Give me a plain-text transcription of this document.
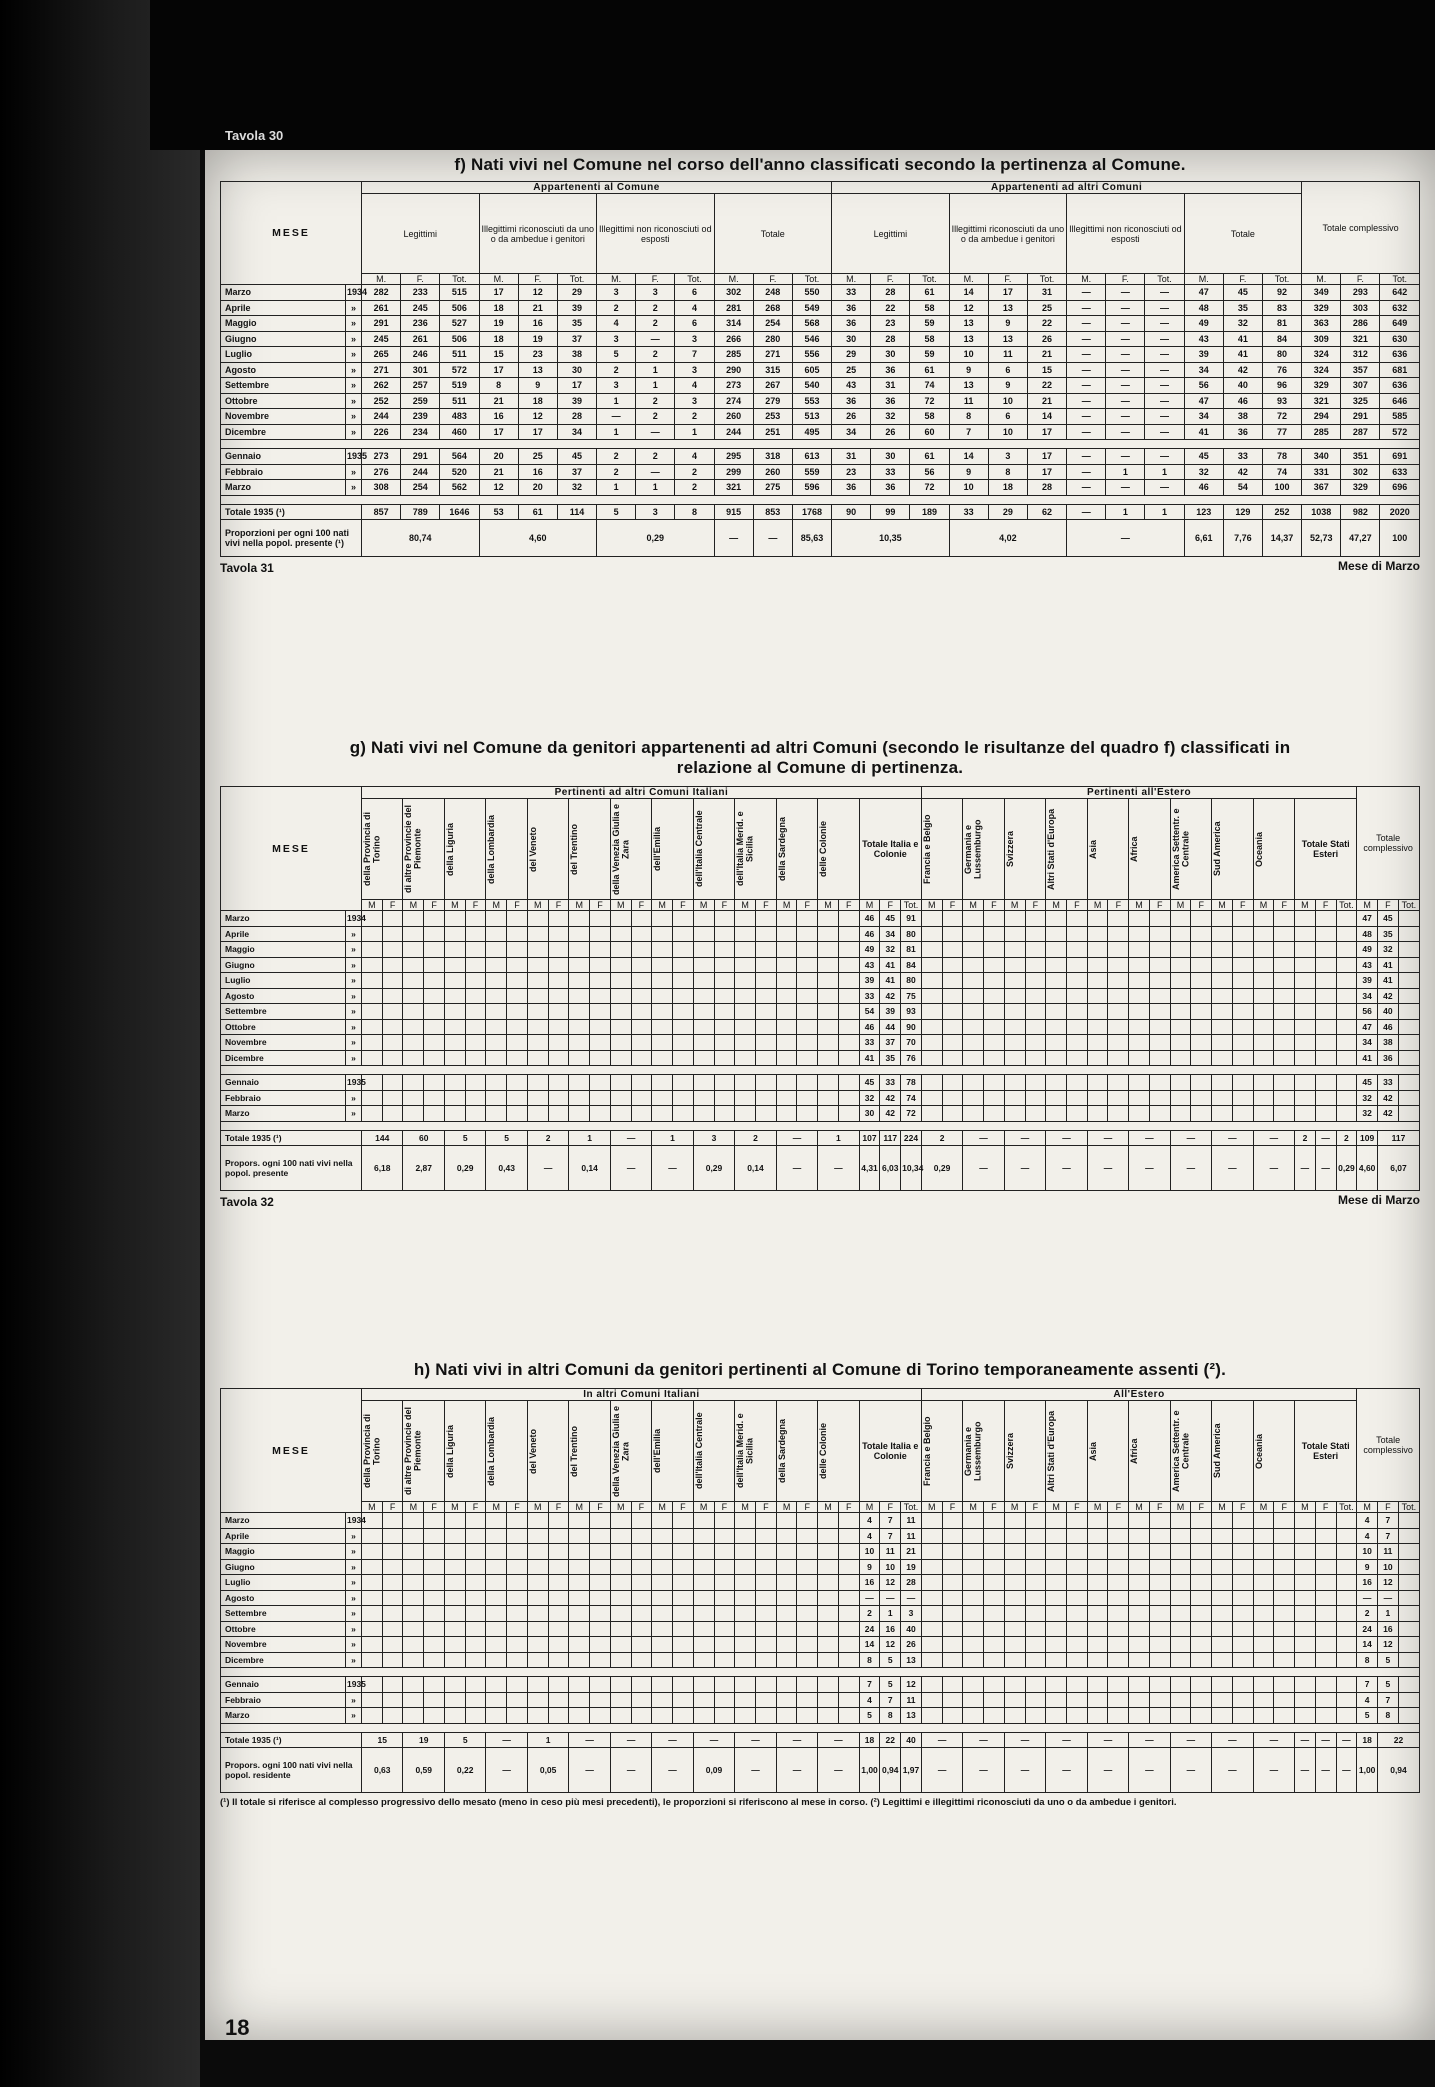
Tavola 30
f) Nati vivi nel Comune nel corso dell'anno classificati secondo la pertinenza al Comune.
MESE		Appartenenti al Comune												Appartenenti ad altri Comuni												Totale complessivo		
		Legittimi			Illegittimi riconosciuti da uno o da ambedue i genitori			Illegittimi non riconosciuti od esposti			Totale			Legittimi			Illegittimi riconosciuti da uno o da ambedue i genitori			Illegittimi non riconosciuti od esposti			Totale					
		M.	F.	Tot.	M.	F.	Tot.	M.	F.	Tot.	M.	F.	Tot.	M.	F.	Tot.	M.	F.	Tot.	M.	F.	Tot.	M.	F.	Tot.	M.	F.	Tot.
Marzo	1934	282	233	515	17	12	29	3	3	6	302	248	550	33	28	61	14	17	31	—	—	—	47	45	92	349	293	642
Aprile	»	261	245	506	18	21	39	2	2	4	281	268	549	36	22	58	12	13	25	—	—	—	48	35	83	329	303	632
Maggio	»	291	236	527	19	16	35	4	2	6	314	254	568	36	23	59	13	9	22	—	—	—	49	32	81	363	286	649
Giugno	»	245	261	506	18	19	37	3	—	3	266	280	546	30	28	58	13	13	26	—	—	—	43	41	84	309	321	630
Luglio	»	265	246	511	15	23	38	5	2	7	285	271	556	29	30	59	10	11	21	—	—	—	39	41	80	324	312	636
Agosto	»	271	301	572	17	13	30	2	1	3	290	315	605	25	36	61	9	6	15	—	—	—	34	42	76	324	357	681
Settembre	»	262	257	519	8	9	17	3	1	4	273	267	540	43	31	74	13	9	22	—	—	—	56	40	96	329	307	636
Ottobre	»	252	259	511	21	18	39	1	2	3	274	279	553	36	36	72	11	10	21	—	—	—	47	46	93	321	325	646
Novembre	»	244	239	483	16	12	28	—	2	2	260	253	513	26	32	58	8	6	14	—	—	—	34	38	72	294	291	585
Dicembre	»	226	234	460	17	17	34	1	—	1	244	251	495	34	26	60	7	10	17	—	—	—	41	36	77	285	287	572

Gennaio	1935	273	291	564	20	25	45	2	2	4	295	318	613	31	30	61	14	3	17	—	—	—	45	33	78	340	351	691
Febbraio	»	276	244	520	21	16	37	2	—	2	299	260	559	23	33	56	9	8	17	—	1	1	32	42	74	331	302	633
Marzo	»	308	254	562	12	20	32	1	1	2	321	275	596	36	36	72	10	18	28	—	—	—	46	54	100	367	329	696

Totale 1935 (¹)		857	789	1646	53	61	114	5	3	8	915	853	1768	90	99	189	33	29	62	—	1	1	123	129	252	1038	982	2020
Proporzioni per ogni 100 nati vivi nella popol. presente (¹)		80,74			4,60			0,29			—	—	85,63	10,35			4,02			—			6,61	7,76	14,37	52,73	47,27	100
Tavola 31	Mese di Marzo
g) Nati vivi nel Comune da genitori appartenenti ad altri Comuni (secondo le risultanze del quadro f) classificati in relazione al Comune di pertinenza.
MESE		Pertinenti ad altri Comuni Italiani																											Pertinenti all'Estero																					Totale complessivo		

		della Provincia di Torino		di altre Provincie del Piemonte		della Liguria		della Lombardia		del Veneto		del Trentino		della Venezia Giulia e Zara		dell'Emilia		dell'Italia Centrale		dell'Italia Merid. e Sicilia		della Sardegna		delle Colonie		Totale Italia e Colonie			Francia e Belgio		Germania e Lussemburgo		Svizzera		Altri Stati d'Europa		Asia		Africa		America Settentr. e Centrale		Sud America		Oceania		Totale Stati Esteri					
		M	F	M	F	M	F	M	F	M	F	M	F	M	F	M	F	M	F	M	F	M	F	M	F	M	F	Tot.	M	F	M	F	M	F	M	F	M	F	M	F	M	F	M	F	M	F	M	F	Tot.	M	F	Tot.
Marzo	1934																									46	45	91																						47	45	
Aprile	»																									46	34	80																						48	35	
Maggio	»																									49	32	81																						49	32	
Giugno	»																									43	41	84																						43	41	
Luglio	»																									39	41	80																						39	41	
Agosto	»																									33	42	75																						34	42	
Settembre	»																									54	39	93																						56	40	
Ottobre	»																									46	44	90																						47	46	
Novembre	»																									33	37	70																						34	38	
Dicembre	»																									41	35	76																						41	36	

Gennaio	1935																									45	33	78																						45	33	
Febbraio	»																									32	42	74																						32	42	
Marzo	»																									30	42	72																						32	42	

Totale 1935 (¹)		144		60		5		5		2		1		—		1		3		2		—		1		107	117	224	2		—		—		—		—		—		—		—		—		2	—	2	109	117	
Propors. ogni 100 nati vivi nella popol. presente		6,18		2,87		0,29		0,43		—		0,14		—		—		0,29		0,14		—		—		4,31	6,03	10,34	0,29		—		—		—		—		—		—		—		—		—	—	0,29	4,60	6,07	
Tavola 32	Mese di Marzo
h) Nati vivi in altri Comuni da genitori pertinenti al Comune di Torino temporaneamente assenti (²).
MESE		In altri Comuni Italiani																											All'Estero																					Totale complessivo		

		della Provincia di Torino		di altre Provincie del Piemonte		della Liguria		della Lombardia		del Veneto		del Trentino		della Venezia Giulia e Zara		dell'Emilia		dell'Italia Centrale		dell'Italia Merid. e Sicilia		della Sardegna		delle Colonie		Totale Italia e Colonie			Francia e Belgio		Germania e Lussemburgo		Svizzera		Altri Stati d'Europa		Asia		Africa		America Settentr. e Centrale		Sud America		Oceania		Totale Stati Esteri					
		M	F	M	F	M	F	M	F	M	F	M	F	M	F	M	F	M	F	M	F	M	F	M	F	M	F	Tot.	M	F	M	F	M	F	M	F	M	F	M	F	M	F	M	F	M	F	M	F	Tot.	M	F	Tot.
Marzo	1934																									4	7	11																						4	7	
Aprile	»																									4	7	11																						4	7	
Maggio	»																									10	11	21																						10	11	
Giugno	»																									9	10	19																						9	10	
Luglio	»																									16	12	28																						16	12	
Agosto	»																									—	—	—																						—	—	
Settembre	»																									2	1	3																						2	1	
Ottobre	»																									24	16	40																						24	16	
Novembre	»																									14	12	26																						14	12	
Dicembre	»																									8	5	13																						8	5	

Gennaio	1935																									7	5	12																						7	5	
Febbraio	»																									4	7	11																						4	7	
Marzo	»																									5	8	13																						5	8	

Totale 1935 (¹)		15		19		5		—		1		—		—		—		—		—		—		—		18	22	40	—		—		—		—		—		—		—		—		—		—	—	—	18	22	
Propors. ogni 100 nati vivi nella popol. residente		0,63		0,59		0,22		—		0,05		—		—		—		0,09		—		—		—		1,00	0,94	1,97	—		—		—		—		—		—		—		—		—		—	—	—	1,00	0,94	
(¹) Il totale si riferisce al complesso progressivo dello mesato (meno in ceso più mesi precedenti), le proporzioni si riferiscono al mese in corso. (²) Legittimi e illegittimi riconosciuti da uno o da ambedue i genitori.
18
